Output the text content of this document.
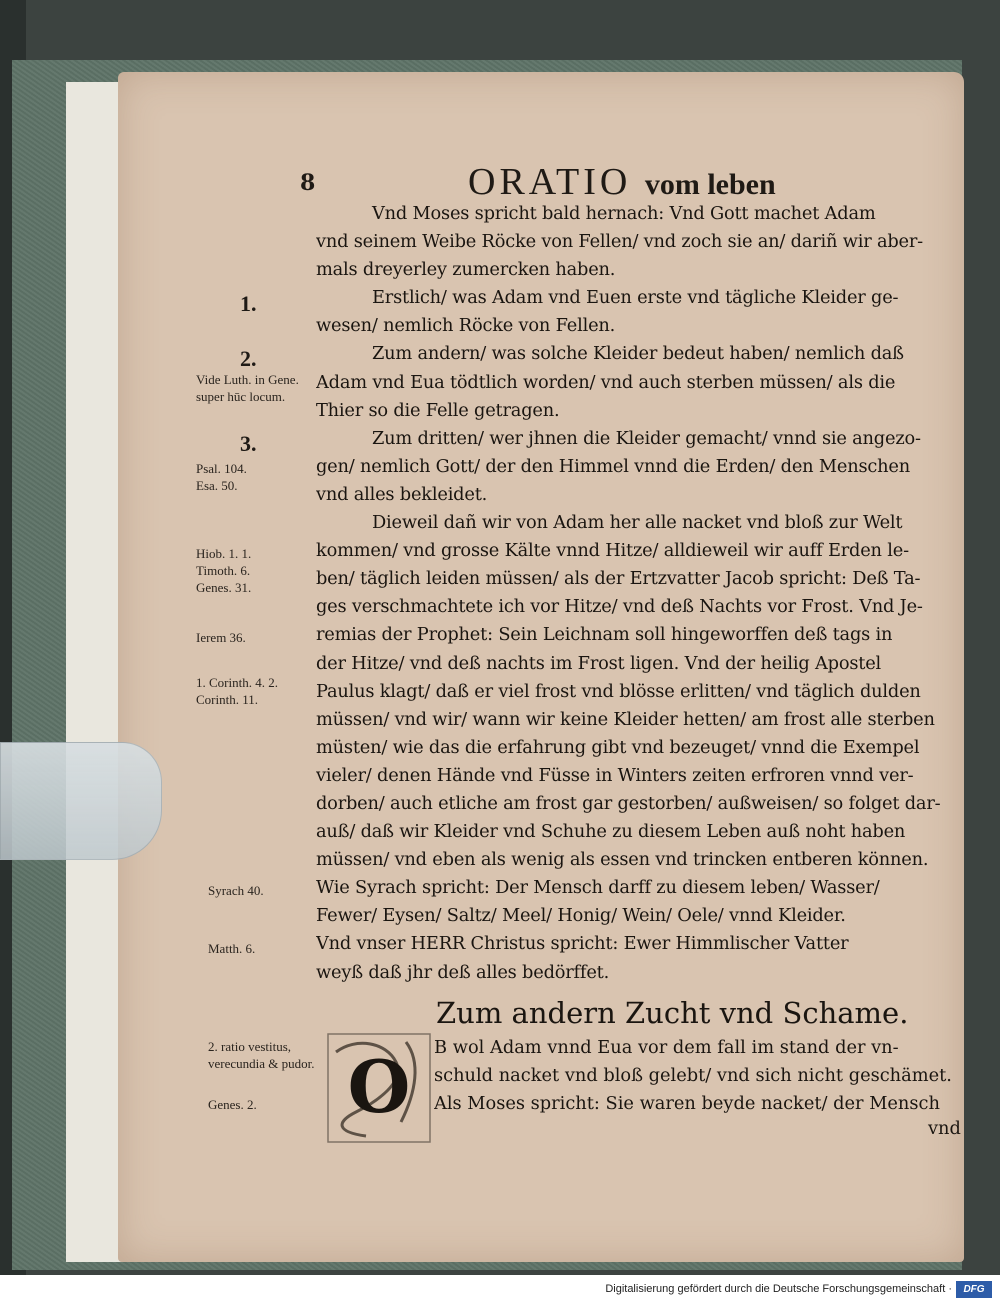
8	ORATIO vom leben
1.
2.
Vide Luth. in Gene. super hūc locum.
3.
Psal. 104. Esa. 50.
Hiob. 1. 1. Timoth. 6. Genes. 31.
Ierem 36.
1. Corinth. 4. 2. Corinth. 11.
Syrach 40.
Matth. 6.
2. ratio vestitus, verecundia & pudor.
Genes. 2.
Vnd Moses spricht bald hernach: Vnd Gott machet Adam
vnd seinem Weibe Röcke von Fellen/ vnd zoch sie an/ dariñ wir aber-
mals dreyerley zumercken haben.
Erstlich/ was Adam vnd Euen erste vnd tägliche Kleider ge-
wesen/ nemlich Röcke von Fellen.
Zum andern/ was solche Kleider bedeut haben/ nemlich daß
Adam vnd Eua tödtlich worden/ vnd auch sterben müssen/ als die
Thier so die Felle getragen.
Zum dritten/ wer jhnen die Kleider gemacht/ vnnd sie angezo-
gen/ nemlich Gott/ der den Himmel vnnd die Erden/ den Menschen
vnd alles bekleidet.
Dieweil dañ wir von Adam her alle nacket vnd bloß zur Welt
kommen/ vnd grosse Kälte vnnd Hitze/ alldieweil wir auff Erden le-
ben/ täglich leiden müssen/ als der Ertzvatter Jacob spricht: Deß Ta-
ges verschmachtete ich vor Hitze/ vnd deß Nachts vor Frost. Vnd Je-
remias der Prophet: Sein Leichnam soll hingeworffen deß tags in
der Hitze/ vnd deß nachts im Frost ligen. Vnd der heilig Apostel
Paulus klagt/ daß er viel frost vnd blösse erlitten/ vnd täglich dulden
müssen/ vnd wir/ wann wir keine Kleider hetten/ am frost alle sterben
müsten/ wie das die erfahrung gibt vnd bezeuget/ vnnd die Exempel
vieler/ denen Hände vnd Füsse in Winters zeiten erfroren vnnd ver-
dorben/ auch etliche am frost gar gestorben/ außweisen/ so folget dar-
auß/ daß wir Kleider vnd Schuhe zu diesem Leben auß noht haben
müssen/ vnd eben als wenig als essen vnd trincken entberen können.
Wie Syrach spricht: Der Mensch darff zu diesem leben/ Wasser/
Fewer/ Eysen/ Saltz/ Meel/ Honig/ Wein/ Oele/ vnnd Kleider.
Vnd vnser HERR Christus spricht: Ewer Himmlischer Vatter
weyß daß jhr deß alles bedörffet.
Zum andern Zucht vnd Schame.
O B wol Adam vnnd Eua vor dem fall im stand der vn-
schuld nacket vnd bloß gelebt/ vnd sich nicht geschämet.
Als Moses spricht: Sie waren beyde nacket/ der Mensch
vnd
Digitalisierung gefördert durch die Deutsche Forschungsgemeinschaft ·	DFG
